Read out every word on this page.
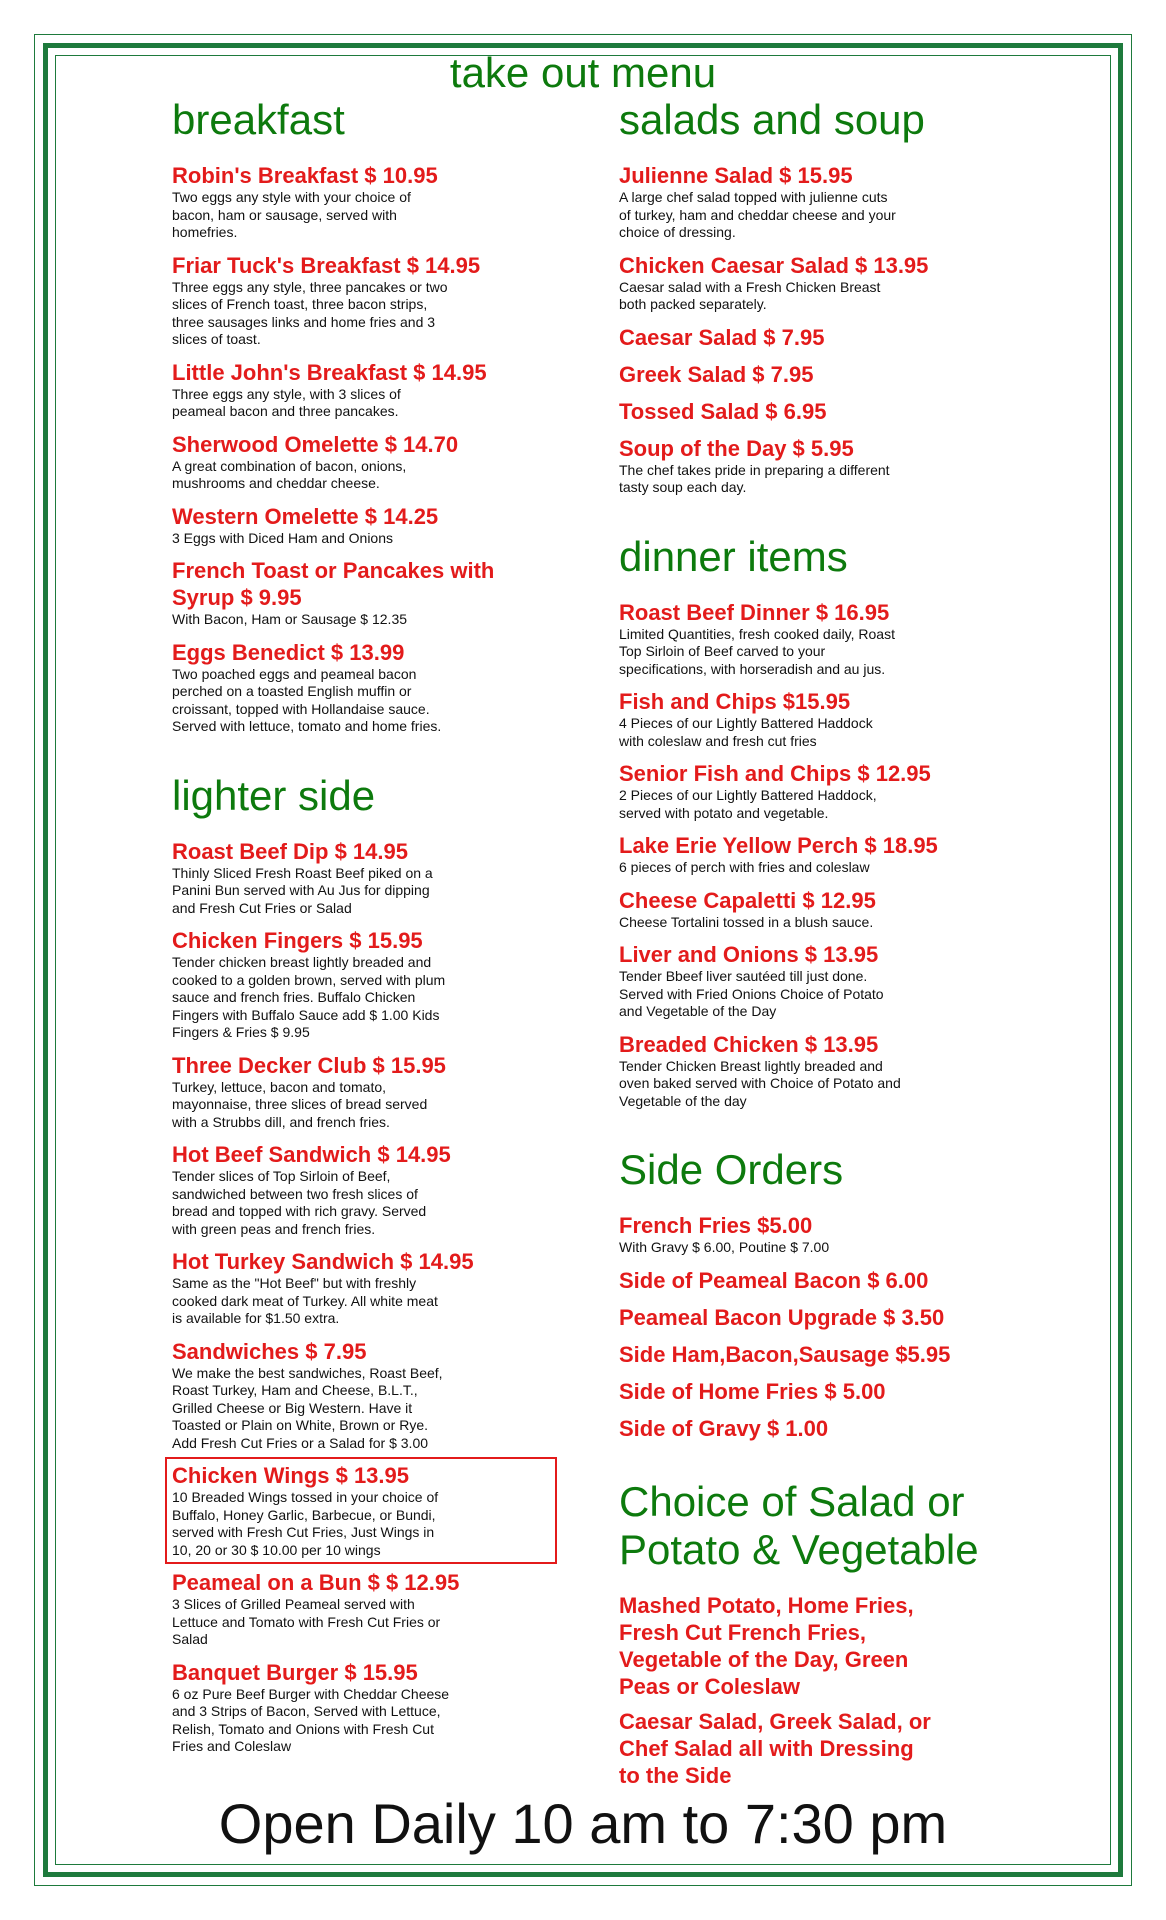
take out menu
breakfast
Robin's Breakfast $ 10.95
Two eggs any style with your choice of
bacon, ham or sausage, served with
homefries.
Friar Tuck's Breakfast $ 14.95
Three eggs any style, three pancakes or two
slices of French toast, three bacon strips,
three sausages links and home fries and 3
slices of toast.
Little John's Breakfast $ 14.95
Three eggs any style, with 3 slices of
peameal bacon and three pancakes.
Sherwood Omelette $ 14.70
A great combination of bacon, onions,
mushrooms and cheddar cheese.
Western Omelette $ 14.25
3 Eggs with Diced Ham and Onions
French Toast or Pancakes with Syrup $ 9.95
With Bacon, Ham or Sausage $ 12.35
Eggs Benedict $ 13.99
Two poached eggs and peameal bacon
perched on a toasted English muffin or
croissant, topped with Hollandaise sauce.
Served with lettuce, tomato and home fries.
lighter side
Roast Beef Dip $ 14.95
Thinly Sliced Fresh Roast Beef piked on a
Panini Bun served with Au Jus for dipping
and Fresh Cut Fries or Salad
Chicken Fingers $ 15.95
Tender chicken breast lightly breaded and
cooked to a golden brown, served with plum
sauce and french fries. Buffalo Chicken
Fingers with Buffalo Sauce add $ 1.00 Kids
Fingers & Fries $ 9.95
Three Decker Club $ 15.95
Turkey, lettuce, bacon and tomato,
mayonnaise, three slices of bread served
with a Strubbs dill, and french fries.
Hot Beef Sandwich $ 14.95
Tender slices of Top Sirloin of Beef,
sandwiched between two fresh slices of
bread and topped with rich gravy. Served
with green peas and french fries.
Hot Turkey Sandwich $ 14.95
Same as the "Hot Beef" but with freshly
cooked dark meat of Turkey. All white meat
is available for $1.50 extra.
Sandwiches $ 7.95
We make the best sandwiches, Roast Beef,
Roast Turkey, Ham and Cheese, B.L.T.,
Grilled Cheese or Big Western. Have it
Toasted or Plain on White, Brown or Rye.
Add Fresh Cut Fries or a Salad for $ 3.00
Chicken Wings $ 13.95
10 Breaded Wings tossed in your choice of
Buffalo, Honey Garlic, Barbecue, or Bundi,
served with Fresh Cut Fries, Just Wings in
10, 20 or 30 $ 10.00 per 10 wings
Peameal on a Bun $ $ 12.95
3 Slices of Grilled Peameal served with
Lettuce and Tomato with Fresh Cut Fries or
Salad
Banquet Burger $ 15.95
6 oz Pure Beef Burger with Cheddar Cheese
and 3 Strips of Bacon, Served with Lettuce,
Relish, Tomato and Onions with Fresh Cut
Fries and Coleslaw
salads and soup
Julienne Salad $ 15.95
A large chef salad topped with julienne cuts
of turkey, ham and cheddar cheese and your
choice of dressing.
Chicken Caesar Salad $ 13.95
Caesar salad with a Fresh Chicken Breast
both packed separately.
Caesar Salad $ 7.95
Greek Salad $ 7.95
Tossed Salad $ 6.95
Soup of the Day $ 5.95
The chef takes pride in preparing a different
tasty soup each day.
dinner items
Roast Beef Dinner $ 16.95
Limited Quantities, fresh cooked daily, Roast
Top Sirloin of Beef carved to your
specifications, with horseradish and au jus.
Fish and Chips $15.95
4 Pieces of our Lightly Battered Haddock
with coleslaw and fresh cut fries
Senior Fish and Chips $ 12.95
2 Pieces of our Lightly Battered Haddock,
served with potato and vegetable.
Lake Erie Yellow Perch $ 18.95
6 pieces of perch with fries and coleslaw
Cheese Capaletti $ 12.95
Cheese Tortalini tossed in a blush sauce.
Liver and Onions $ 13.95
Tender Bbeef liver sautéed till just done.
Served with Fried Onions Choice of Potato
and Vegetable of the Day
Breaded Chicken $ 13.95
Tender Chicken Breast lightly breaded and
oven baked served with Choice of Potato and
Vegetable of the day
Side Orders
French Fries $5.00
With Gravy $ 6.00, Poutine $ 7.00
Side of Peameal Bacon $ 6.00
Peameal Bacon Upgrade $ 3.50
Side Ham,Bacon,Sausage $5.95
Side of Home Fries $ 5.00
Side of Gravy $ 1.00
Choice of Salad or
Potato & Vegetable
Mashed Potato, Home Fries,
Fresh Cut French Fries,
Vegetable of the Day, Green
Peas or Coleslaw
Caesar Salad, Greek Salad, or
Chef Salad all with Dressing
to the Side
Open Daily 10 am to 7:30 pm
